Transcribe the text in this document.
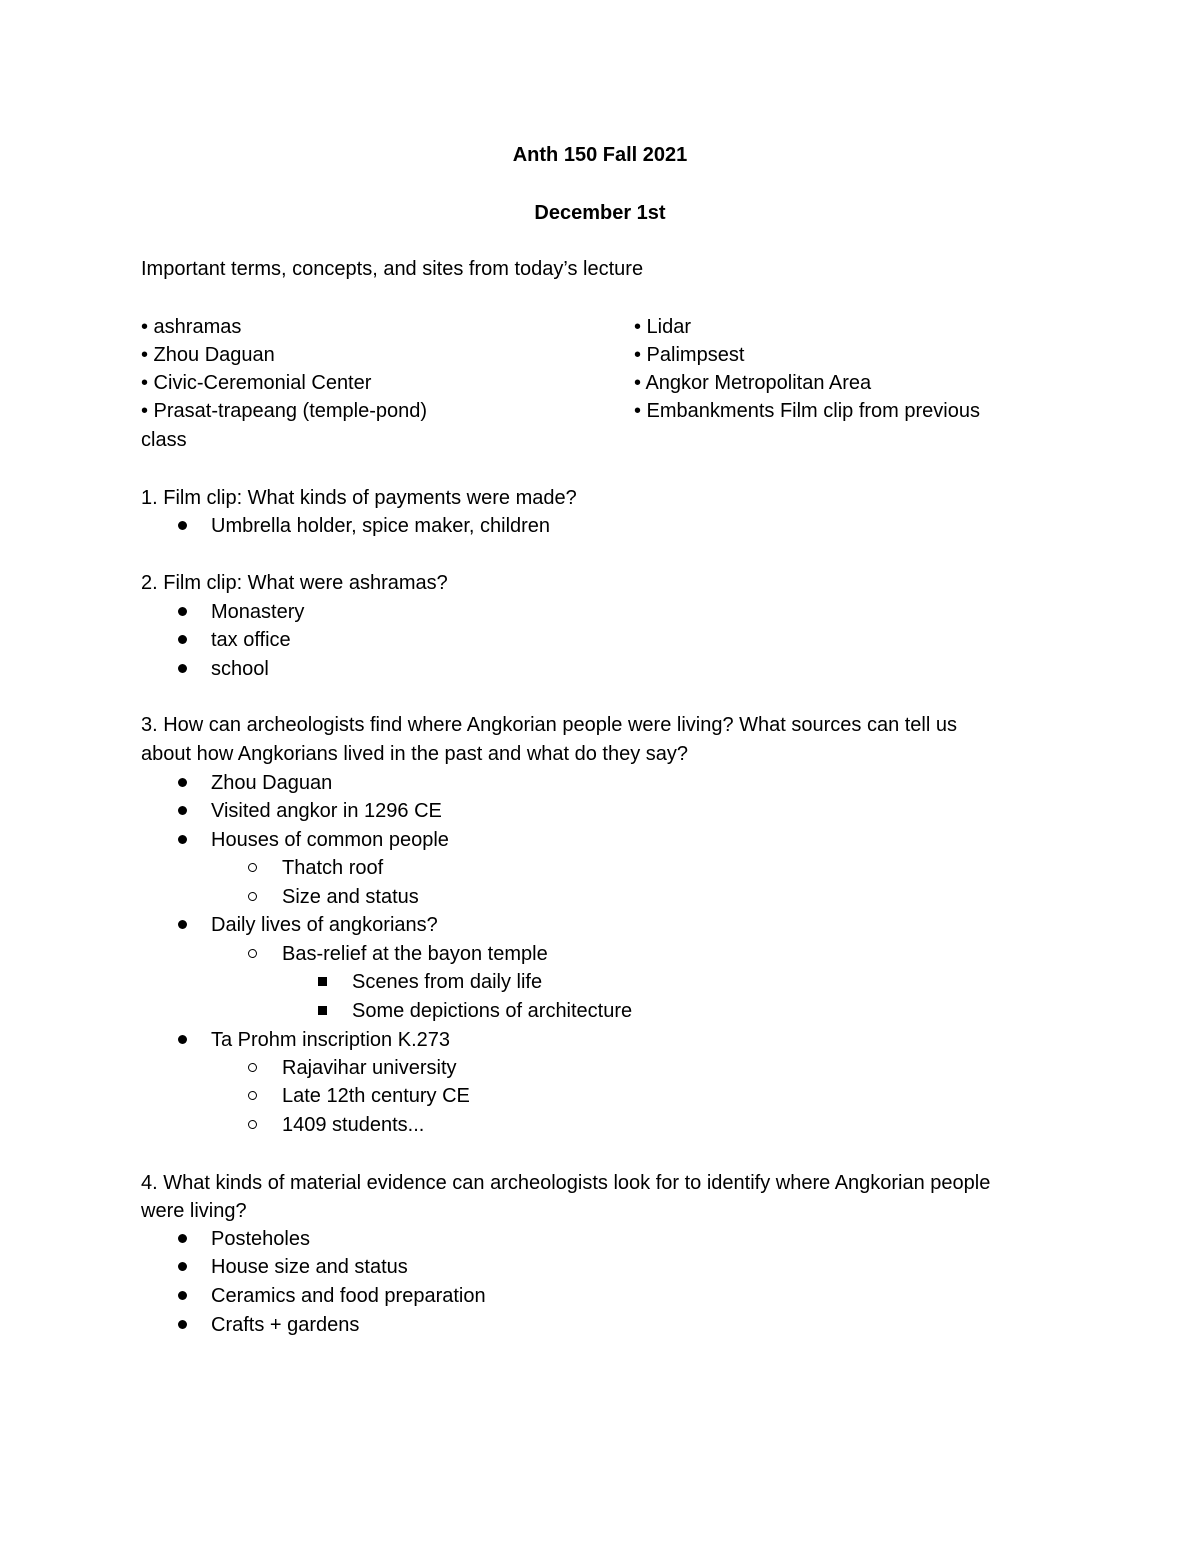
Anth 150 Fall 2021
December 1st
Important terms, concepts, and sites from today’s lecture
• ashramas
• Zhou Daguan
• Civic-Ceremonial Center
• Prasat-trapeang (temple-pond)
class
• Lidar
• Palimpsest
• Angkor Metropolitan Area
• Embankments Film clip from previous
1. Film clip: What kinds of payments were made?
Umbrella holder, spice maker, children
2. Film clip: What were ashramas?
Monastery
tax office
school
3. How can archeologists find where Angkorian people were living? What sources can tell us
about how Angkorians lived in the past and what do they say?
Zhou Daguan
Visited angkor in 1296 CE
Houses of common people
Thatch roof
Size and status
Daily lives of angkorians?
Bas-relief at the bayon temple
Scenes from daily life
Some depictions of architecture
Ta Prohm inscription K.273
Rajavihar university
Late 12th century CE
1409 students...
4. What kinds of material evidence can archeologists look for to identify where Angkorian people
were living?
Posteholes
House size and status
Ceramics and food preparation
Crafts + gardens
